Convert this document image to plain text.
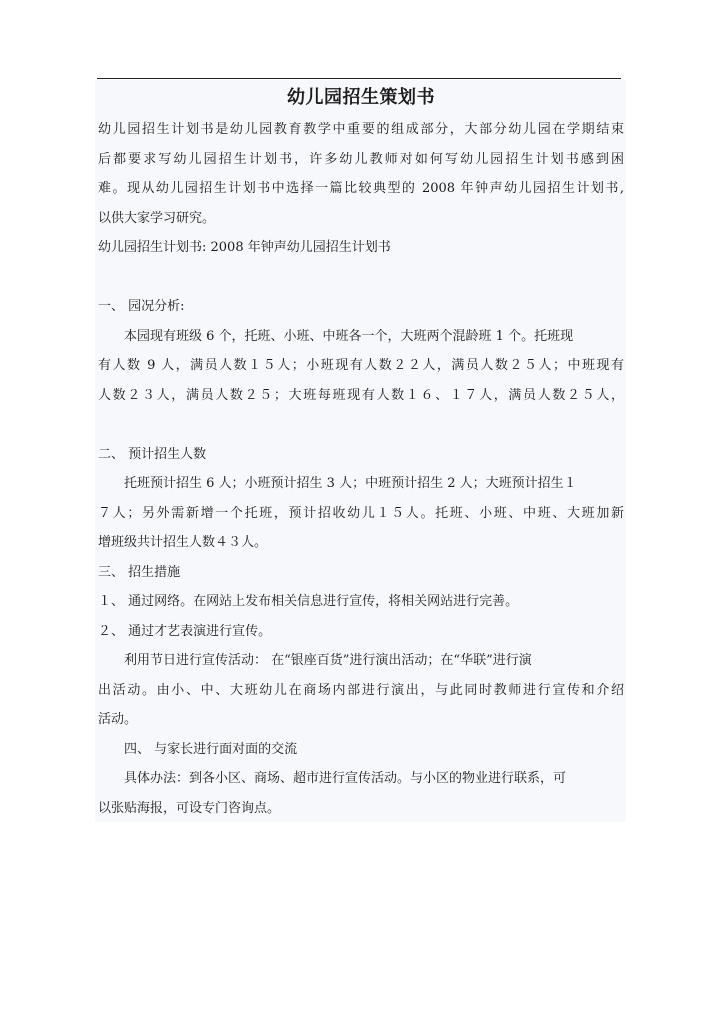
幼儿园招生策划书
幼儿园招生计划书是幼儿园教育教学中重要的组成部分，大部分幼儿园在学期结束
后都要求写幼儿园招生计划书，许多幼儿教师对如何写幼儿园招生计划书感到困
难。现从幼儿园招生计划书中选择一篇比较典型的 2008 年钟声幼儿园招生计划书,
以供大家学习研究。
幼儿园招生计划书: 2008 年钟声幼儿园招生计划书
一、 园况分析:
本园现有班级 6 个，托班、小班、中班各一个，大班两个混龄班 1 个。托班现
有人数 9 人，满员人数１５人；小班现有人数２２人，满员人数２５人；中班现有
人数２３人，满员人数２５；大班每班现有人数１６、１７人，满员人数２５人，
二、 预计招生人数
托班预计招生 6 人；小班预计招生 3 人；中班预计招生 2 人；大班预计招生１
７人；另外需新增一个托班，预计招收幼儿１５人。托班、小班、中班、大班加新
增班级共计招生人数４３人。
三、 招生措施
１、 通过网络。在网站上发布相关信息进行宣传，将相关网站进行完善。
２、 通过才艺表演进行宣传。
利用节日进行宣传活动： 在“银座百货”进行演出活动；在“华联”进行演
出活动。由小、中、大班幼儿在商场内部进行演出，与此同时教师进行宣传和介绍
活动。
四、 与家长进行面对面的交流
具体办法：到各小区、商场、超市进行宣传活动。与小区的物业进行联系，可
以张贴海报，可设专门咨询点。
